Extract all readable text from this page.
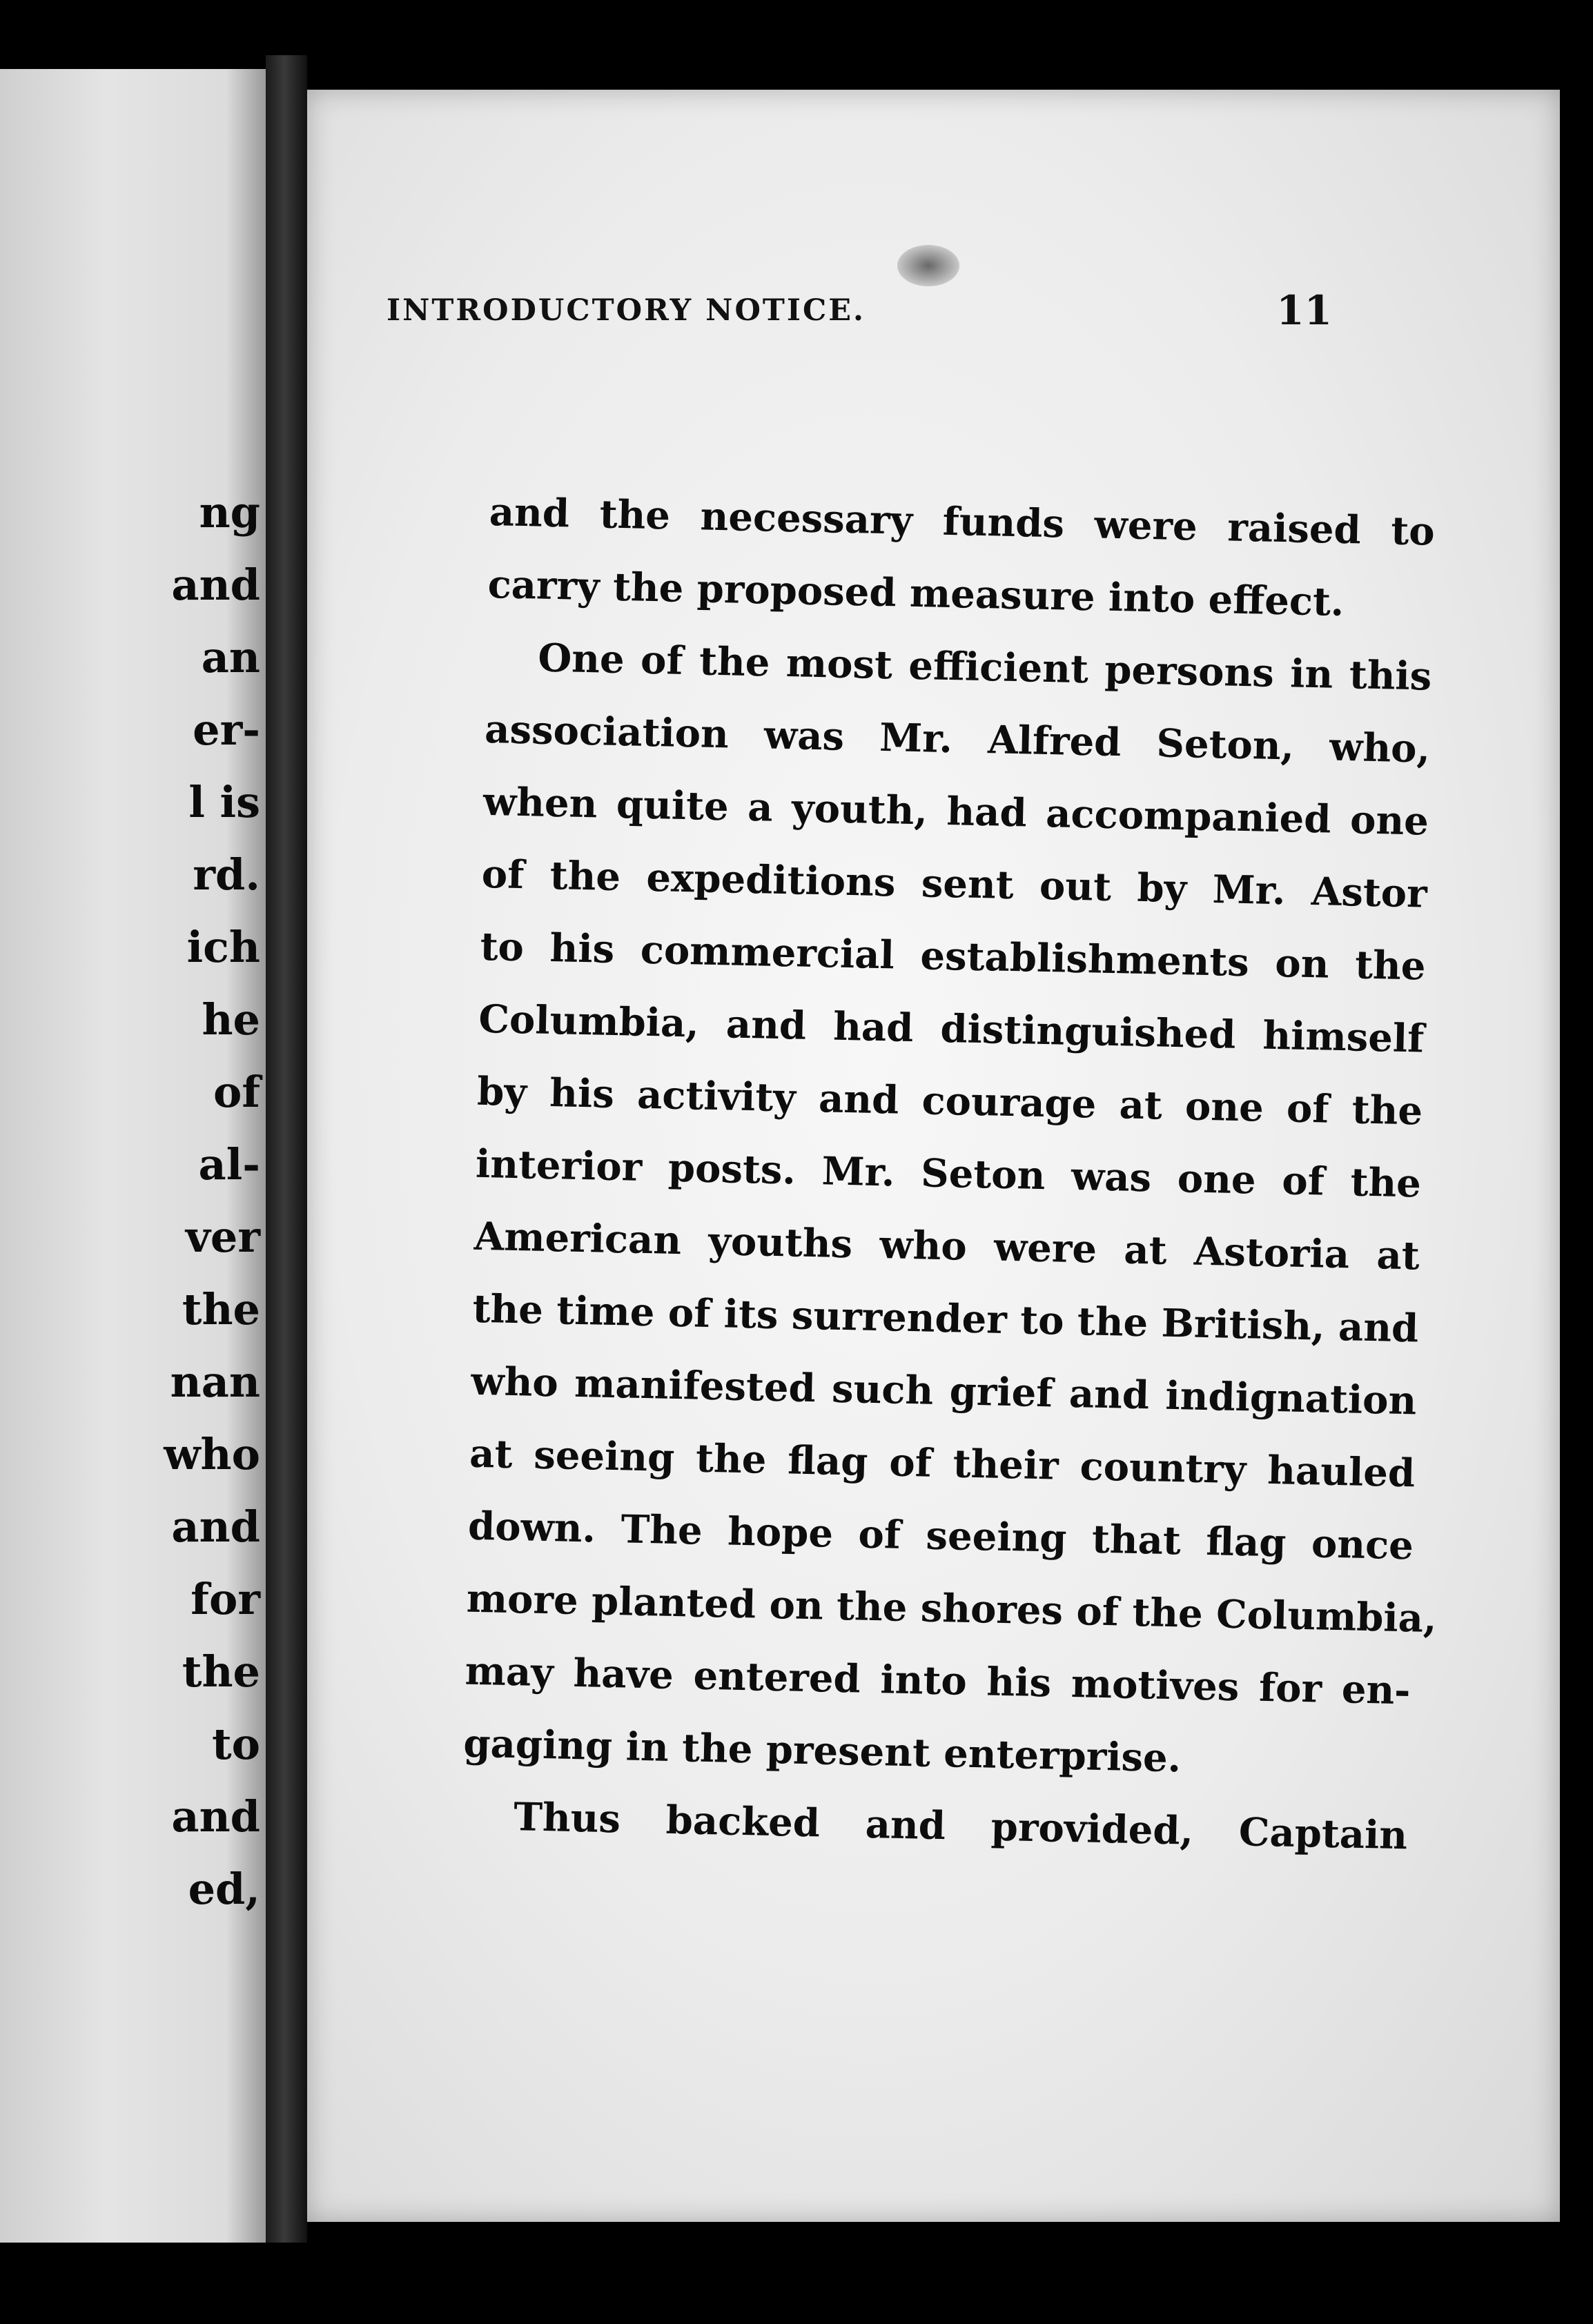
ng
and
an
er-
l is
rd.
ich
he
of
al-
ver
the
nan
who
and
for
the
to
and
ed,
INTRODUCTORY NOTICE.	11
and the necessary funds were raised to
carry the proposed measure into effect.
One of the most efficient persons in this
association was Mr. Alfred Seton, who,
when quite a youth, had accompanied one
of the expeditions sent out by Mr. Astor
to his commercial establishments on the
Columbia, and had distinguished himself
by his activity and courage at one of the
interior posts. Mr. Seton was one of the
American youths who were at Astoria at
the time of its surrender to the British, and
who manifested such grief and indignation
at seeing the flag of their country hauled
down. The hope of seeing that flag once
more planted on the shores of the Columbia,
may have entered into his motives for en-
gaging in the present enterprise.
Thus backed and provided, Captain
